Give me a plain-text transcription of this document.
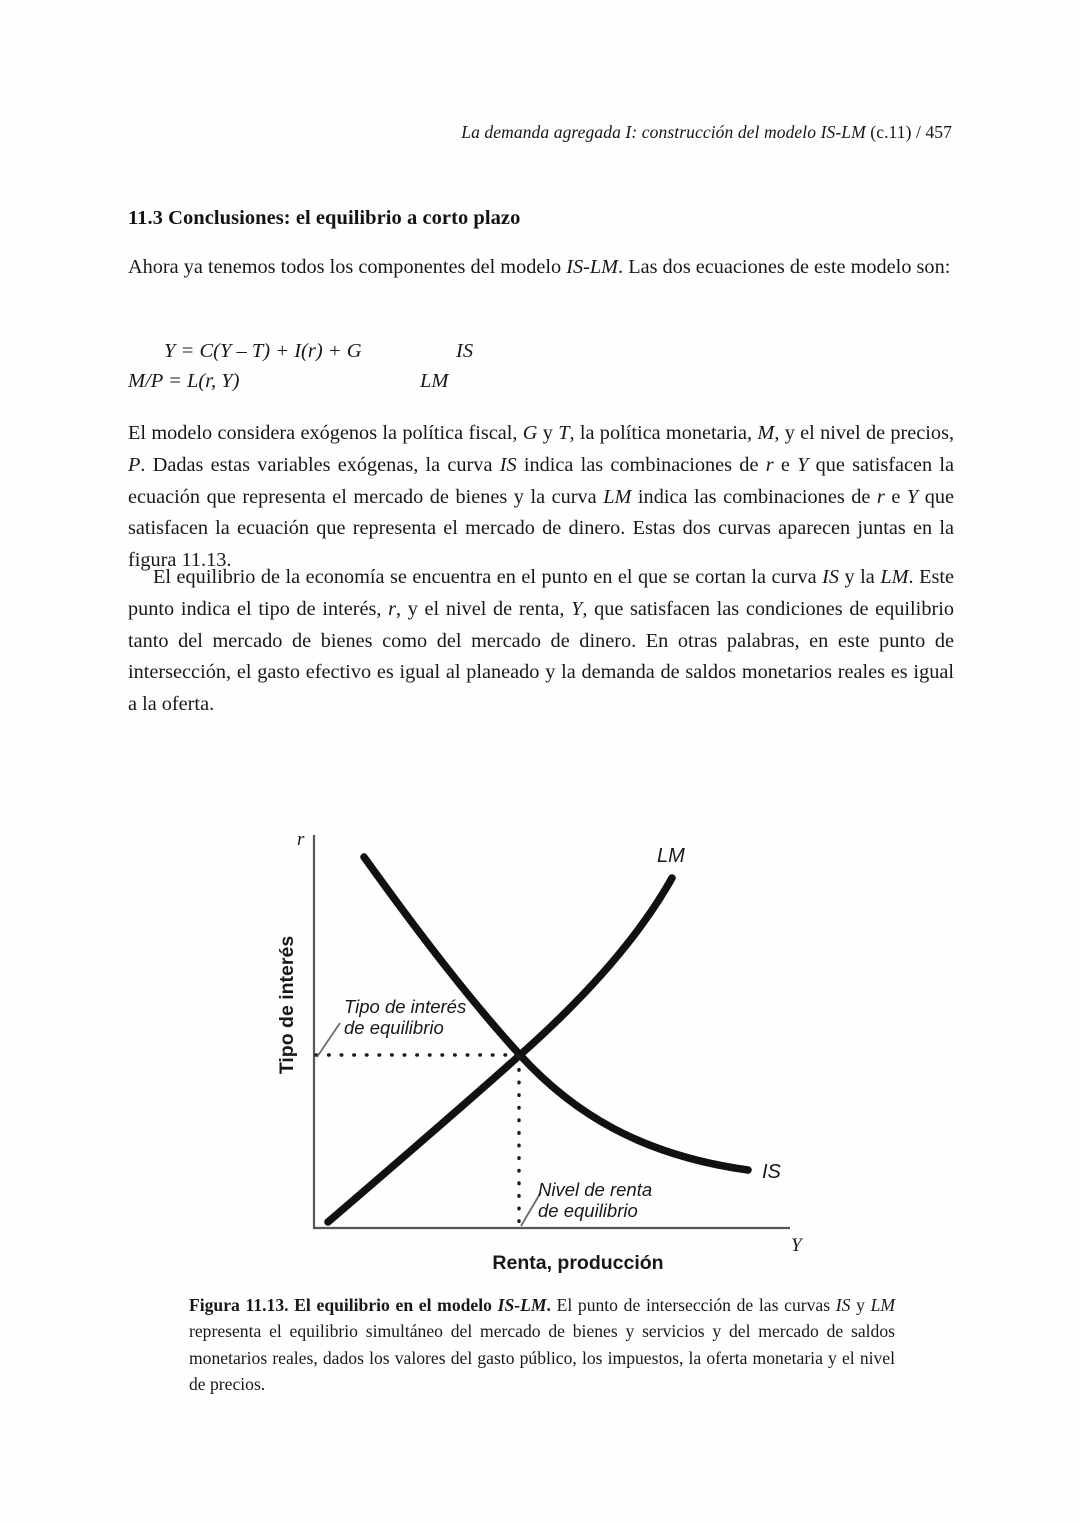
La demanda agregada I: construcción del modelo IS-LM (c.11) / 457
11.3 Conclusiones: el equilibrio a corto plazo

Ahora ya tenemos todos los componentes del modelo IS-LM. Las dos ecuaciones de este modelo son:

Y = C(Y – T) + I(r) + G	IS
M/P = L(r, Y)	LM

El modelo considera exógenos la política fiscal, G y T, la política monetaria, M, y el nivel de precios, P. Dadas estas variables exógenas, la curva IS indica las combinaciones de r e Y que satisfacen la ecuación que representa el mercado de bienes y la curva LM indica las combinaciones de r e Y que satisfacen la ecuación que representa el mercado de dinero. Estas dos curvas aparecen juntas en la figura 11.13.

El equilibrio de la economía se encuentra en el punto en el que se cortan la curva IS y la LM. Este punto indica el tipo de interés, r, y el nivel de renta, Y, que satisfacen las condiciones de equilibrio tanto del mercado de bienes como del mercado de dinero. En otras palabras, en este punto de intersección, el gasto efectivo es igual al planeado y la demanda de saldos monetarios reales es igual a la oferta.

r
Y
LM
IS
Tipo de interés de equilibrio
Nivel de renta de equilibrio
Tipo de interés
Renta, producción
Figura 11.13. El equilibrio en el modelo IS-LM. El punto de intersección de las curvas IS y LM representa el equilibrio simultáneo del mercado de bienes y servicios y del mercado de saldos monetarios reales, dados los valores del gasto público, los impuestos, la oferta monetaria y el nivel de precios.
